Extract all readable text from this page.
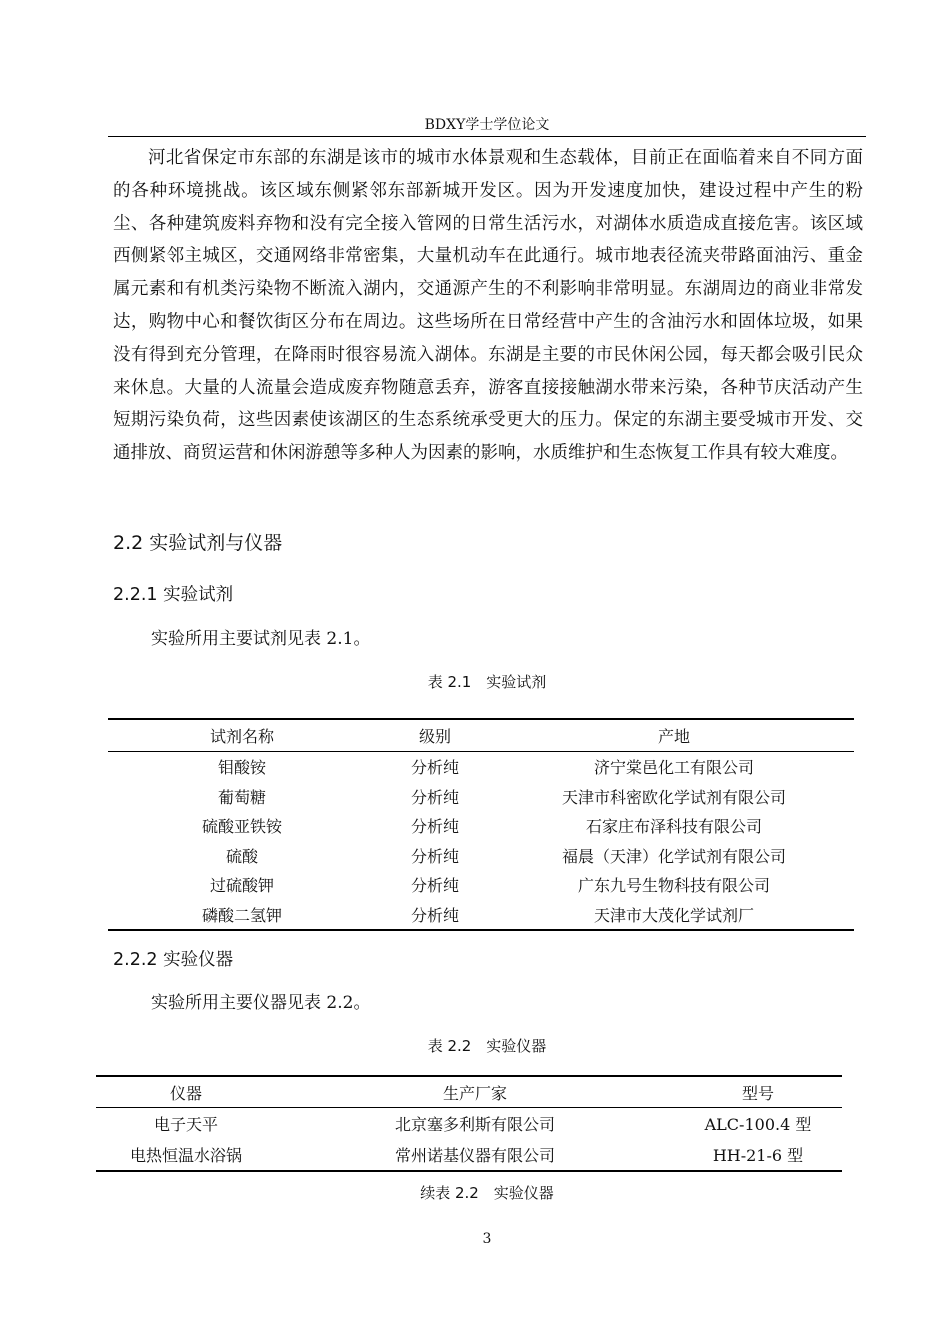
BDXY学士学位论文

河北省保定市东部的东湖是该市的城市水体景观和生态载体，目前正在面临着来自不同方面的各种环境挑战。该区域东侧紧邻东部新城开发区。因为开发速度加快，建设过程中产生的粉尘、各种建筑废料弃物和没有完全接入管网的日常生活污水，对湖体水质造成直接危害。该区域西侧紧邻主城区，交通网络非常密集，大量机动车在此通行。城市地表径流夹带路面油污、重金属元素和有机类污染物不断流入湖内，交通源产生的不利影响非常明显。东湖周边的商业非常发达，购物中心和餐饮街区分布在周边。这些场所在日常经营中产生的含油污水和固体垃圾，如果没有得到充分管理，在降雨时很容易流入湖体。东湖是主要的市民休闲公园，每天都会吸引民众来休息。大量的人流量会造成废弃物随意丢弃，游客直接接触湖水带来污染，各种节庆活动产生短期污染负荷，这些因素使该湖区的生态系统承受更大的压力。保定的东湖主要受城市开发、交通排放、商贸运营和休闲游憩等多种人为因素的影响，水质维护和生态恢复工作具有较大难度。

2.2 实验试剂与仪器
2.2.1 实验试剂

实验所用主要试剂见表 2.1。

表 2.1　实验试剂
试剂名称	级别	产地
钼酸铵	分析纯	济宁棠邑化工有限公司
葡萄糖	分析纯	天津市科密欧化学试剂有限公司
硫酸亚铁铵	分析纯	石家庄布泽科技有限公司
硫酸	分析纯	福晨（天津）化学试剂有限公司
过硫酸钾	分析纯	广东九号生物科技有限公司
磷酸二氢钾	分析纯	天津市大茂化学试剂厂
2.2.2 实验仪器

实验所用主要仪器见表 2.2。

表 2.2　实验仪器
仪器	生产厂家	型号
电子天平	北京塞多利斯有限公司	ALC-100.4 型
电热恒温水浴锅	常州诺基仪器有限公司	HH-21-6 型
续表 2.2　实验仪器
3
